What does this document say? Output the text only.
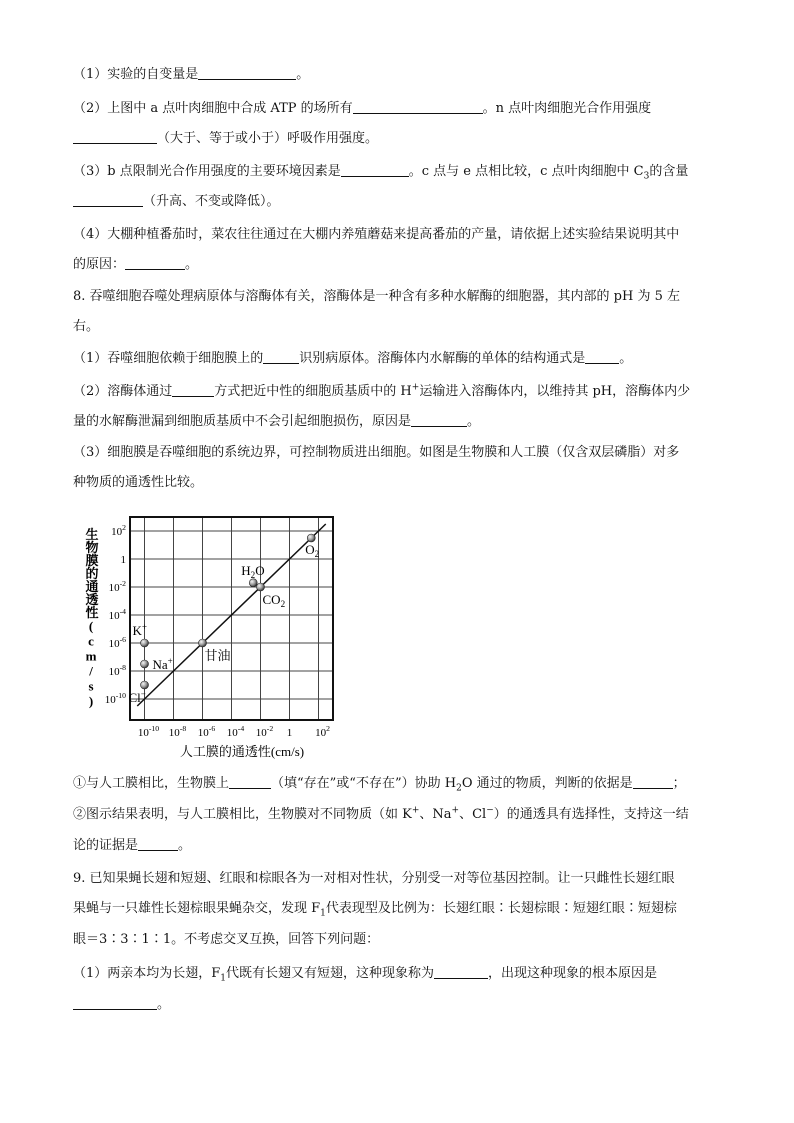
（1）实验的自变量是	。
（2）上图中 a 点叶肉细胞中合成 ATP 的场所有	。n 点叶肉细胞光合作用强度
（大于、等于或小于）呼吸作用强度。
（3）b 点限制光合作用强度的主要环境因素是	。c 点与 e 点相比较，c 点叶肉细胞中 $C_3$的含量
（升高、不变或降低）。
（4）大棚种植番茄时，菜农往往通过在大棚内养殖蘑菇来提高番茄的产量，请依据上述实验结果说明其中
的原因：	。
8. 吞噬细胞吞噬处理病原体与溶酶体有关，溶酶体是一种含有多种水解酶的细胞器，其内部的 pH 为 5 左
右。
（1）吞噬细胞依赖于细胞膜上的	识别病原体。溶酶体内水解酶的单体的结构通式是	。
（2）溶酶体通过	方式把近中性的细胞质基质中的 H+运输进入溶酶体内，以维持其 pH，溶酶体内少
量的水解酶泄漏到细胞质基质中不会引起细胞损伤，原因是	。
（3）细胞膜是吞噬细胞的系统边界，可控制物质进出细胞。如图是生物膜和人工膜（仅含双层磷脂）对多
种物质的通透性比较。
$10^2$
1
$10^{-2}$
$10^{-4}$
$10^{-6}$
$10^{-8}$
$10^{-10}$
$10^{-10}$ $10^{-8}$ $10^{-6}$ $10^{-4}$ $10^{-2}$ 1 $10^2$
$O_2$
$H_2O$
$CO_2$
甘油
K+
Na+
Cl−
生物膜的通透性(cm/s)
人工膜的通透性(cm/s)
①与人工膜相比，生物膜上	（填“存在”或“不存在”）协助 $H_2O$ 通过的物质，判断的依据是	；
②图示结果表明，与人工膜相比，生物膜对不同物质（如 K+、Na+、Cl−）的通透具有选择性，支持这一结
论的证据是	。
9. 已知果蝇长翅和短翅、红眼和棕眼各为一对相对性状，分别受一对等位基因控制。让一只雌性长翅红眼
果蝇与一只雄性长翅棕眼果蝇杂交，发现 $F_1$代表现型及比例为：长翅红眼∶长翅棕眼∶短翅红眼∶短翅棕
眼＝3∶3∶1∶1。不考虑交叉互换，回答下列问题：
（1）两亲本均为长翅，$F_1$代既有长翅又有短翅，这种现象称为	，出现这种现象的根本原因是
。
